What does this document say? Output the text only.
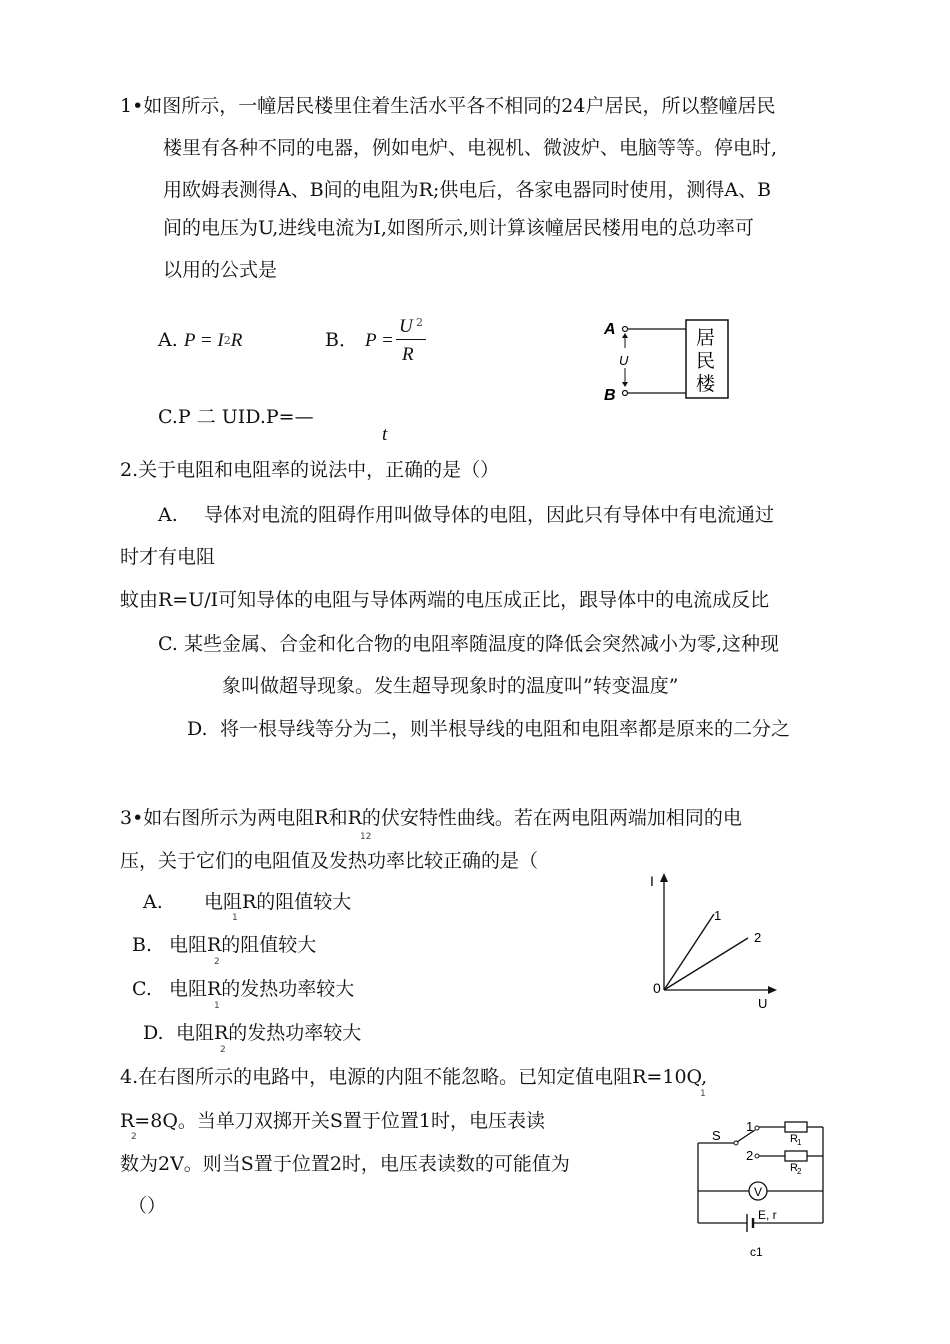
1•如图所示，一幢居民楼里住着生活水平各不相同的24户居民，所以整幢居民
楼里有各种不同的电器，例如电炉、电视机、微波炉、电脑等等。停电时,
用欧姆表测得A、B间的电阻为R;供电后，各家电器同时使用，测得A、B
间的电压为U,进线电流为I,如图所示,则计算该幢居民楼用电的总功率可
以用的公式是
A. P = I2R	B． P =
U 2
R
C.P 二 UID.P=—
t
A
U
B
居
民
楼
2.关于电阻和电阻率的说法中，正确的是（）
A. 导体对电流的阻碍作用叫做导体的电阻，因此只有导体中有电流通过
时才有电阻
蚊由R=U/I可知导体的电阻与导体两端的电压成正比，跟导体中的电流成反比
C. 某些金属、合金和化合物的电阻率随温度的降低会突然减小为零,这种现
象叫做超导现象。发生超导现象时的温度叫”转变温度”
D. 将一根导线等分为二，则半根导线的电阻和电阻率都是原来的二分之
3•如右图所示为两电阻R和R的伏安特性曲线。若在两电阻两端加相同的电
12
压，关于它们的电阻值及发热功率比较正确的是（
A. 电阻R的阻值较大
1
B. 电阻R的阻值较大
2
C. 电阻R的发热功率较大
1
D. 电阻R的发热功率较大
2
I
U
0
1
2
4.在右图所示的电路中，电源的内阻不能忽略。已知定值电阻R=10Q,
1
R=8Q。当单刀双掷开关S置于位置1时，电压表读
2
数为2V。则当S置于位置2时，电压表读数的可能值为
（）
S
1
2
R 1
R 2
V
E, r
c1
